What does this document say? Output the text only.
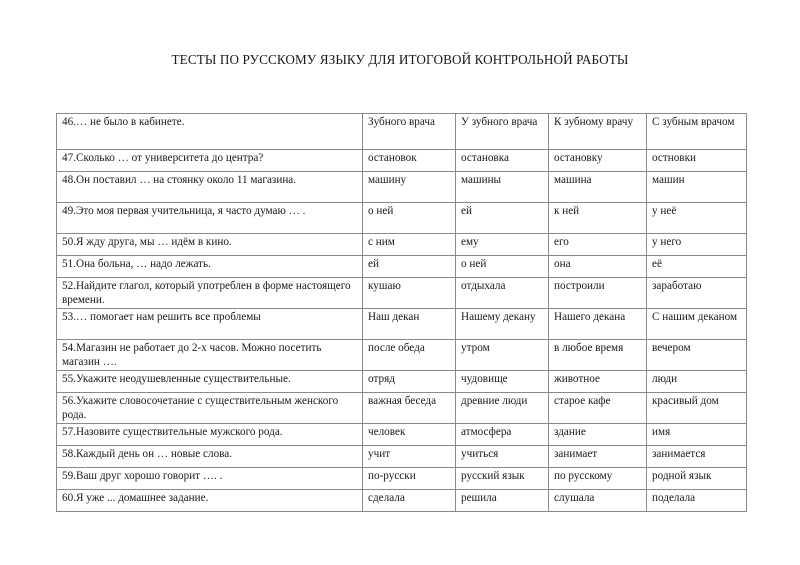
ТЕСТЫ ПО РУССКОМУ ЯЗЫКУ ДЛЯ ИТОГОВОЙ КОНТРОЛЬНОЙ РАБОТЫ
46.… не было в кабинете.	Зубного врача	У зубного врача	К зубному врачу	С зубным врачом
47.Сколько … от университета до центра?	остановок	остановка	остановку	остновки
48.Он поставил … на стоянку около 11 магазина.	машину	машины	машина	машин
49.Это моя первая учительница, я часто думаю … .	о ней	ей	к ней	у неё
50.Я жду друга, мы … идём в кино.	с ним	ему	его	у него
51.Она больна, … надо лежать.	ей	о ней	она	её
52.Найдите глагол, который употреблен в форме настоящего времени.	кушаю	отдыхала	построили	заработаю
53.… помогает нам решить все проблемы	Наш декан	Нашему декану	Нашего декана	С нашим деканом
54.Магазин не работает до 2-х часов. Можно посетить магазин ….	после обеда	утром	в любое время	вечером
55.Укажите неодушевленные существительные.	отряд	чудовище	животное	люди
56.Укажите словосочетание с существительным женского рода.	важная беседа	древние люди	старое кафе	красивый дом
57.Назовите существительные мужского рода.	человек	атмосфера	здание	имя
58.Каждый день он … новые слова.	учит	учиться	занимает	занимается
59.Ваш друг хорошо говорит …. .	по-русски	русский язык	по русскому	родной язык
60.Я уже ... домашнее задание.	сделала	решила	слушала	поделала
